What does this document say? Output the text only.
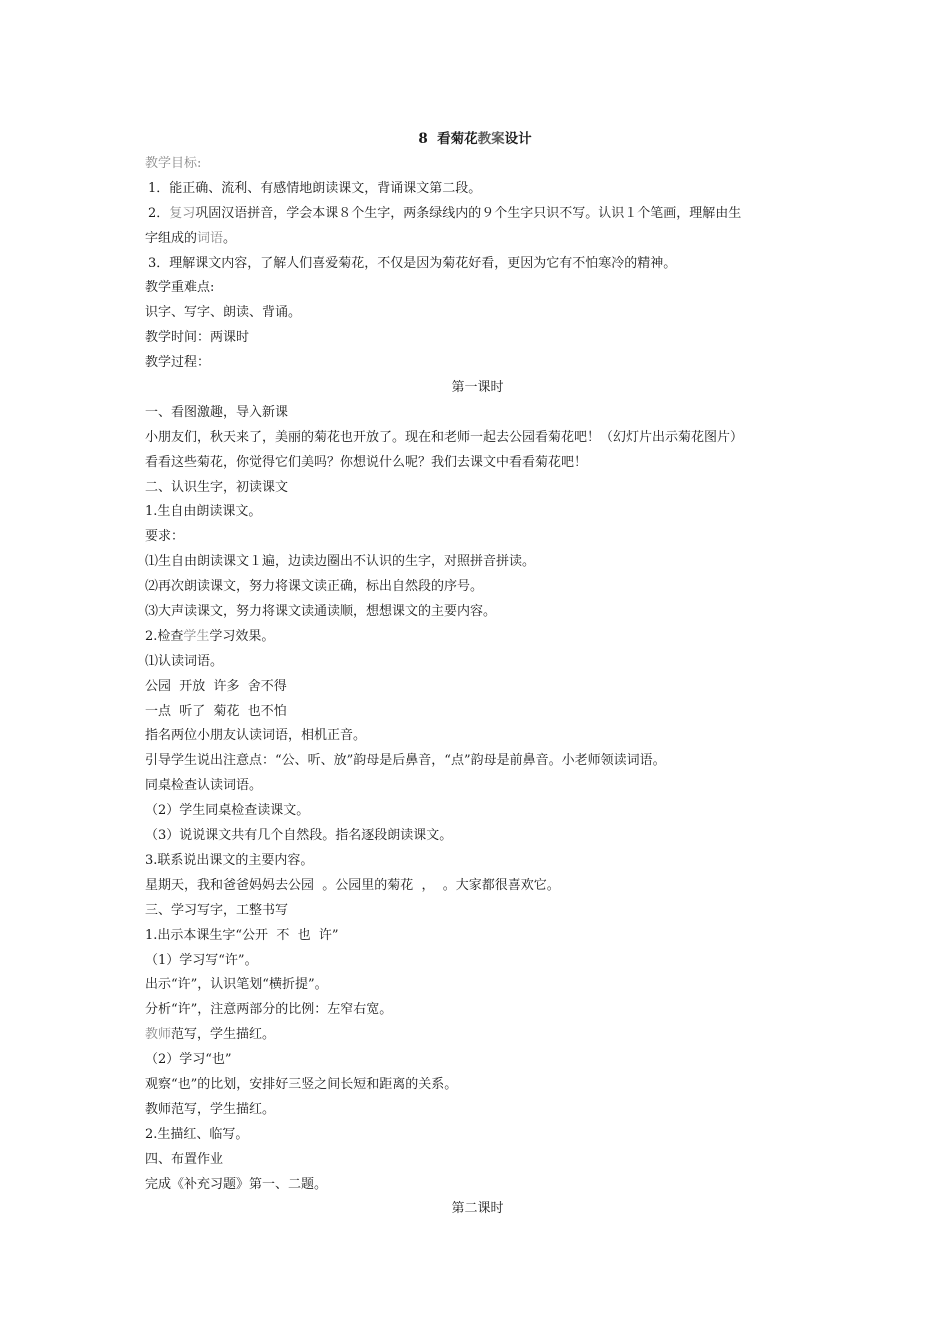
8 看菊花教案设计
教学目标:
1．能正确、流利、有感情地朗读课文，背诵课文第二段。
2．复习巩固汉语拼音，学会本课８个生字，两条绿线内的９个生字只识不写。认识１个笔画，理解由生
字组成的词语。
3．理解课文内容，了解人们喜爱菊花，不仅是因为菊花好看，更因为它有不怕寒冷的精神。
教学重难点:
识字、写字、朗读、背诵。
教学时间：两课时
教学过程：
第一课时
一、看图激趣，导入新课
小朋友们，秋天来了，美丽的菊花也开放了。现在和老师一起去公园看菊花吧！（幻灯片出示菊花图片）
看看这些菊花，你觉得它们美吗？你想说什么呢？我们去课文中看看菊花吧！
二、认识生字，初读课文
1.生自由朗读课文。
要求：
⑴生自由朗读课文１遍，边读边圈出不认识的生字，对照拼音拼读。
⑵再次朗读课文，努力将课文读正确，标出自然段的序号。
⑶大声读课文，努力将课文读通读顺，想想课文的主要内容。
2.检查学生学习效果。
⑴认读词语。
公园  开放  许多  舍不得
一点  听了  菊花  也不怕
指名两位小朋友认读词语，相机正音。
引导学生说出注意点：“公、听、放”韵母是后鼻音，“点”韵母是前鼻音。小老师领读词语。
同桌检查认读词语。
（2）学生同桌检查读课文。
（3）说说课文共有几个自然段。指名逐段朗读课文。
3.联系说出课文的主要内容。
星期天，我和爸爸妈妈去公园  。公园里的菊花  ，  。大家都很喜欢它。
三、学习写字，工整书写
1.出示本课生字“公开  不  也  许”
（1）学习写“许”。
出示“许”，认识笔划“横折提”。
分析“许”，注意两部分的比例：左窄右宽。
教师范写，学生描红。
（2）学习“也”
观察“也”的比划，安排好三竖之间长短和距离的关系。
教师范写，学生描红。
2.生描红、临写。
四、布置作业
完成《补充习题》第一、二题。
第二课时
